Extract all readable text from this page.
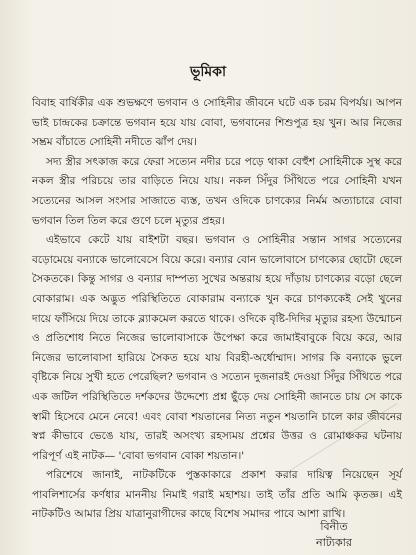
ভূমিকা

বিবাহ বার্ষিকীর এক শুভক্ষণে ভগবান ও সোহিনীর জীবনে ঘটে এক চরম বিপর্যয়। আপন ভাই চান্দ্রকের চক্রান্তে ভগবান হয়ে যায় বোবা, ভগবানের শিশুপুত্র হয় খুন। আর নিজের সম্ভ্রম বাঁচাতে সোহিনী নদীতে ঝাঁপ দেয়।

সদ্য স্ত্রীর সৎকাজ করে ফেরা সত্যেন নদীর চরে পড়ে থাকা বেহুঁশ সোহিনীকে সুস্থ করে নকল স্ত্রীর পরিচয়ে তার বাড়িতে নিয়ে যায়। নকল সিঁদুর সিঁথিতে পরে সোহিনী যখন সত্যেনের আসল সংসার সাজাতে ব্যস্ত, তখন ওদিকে চাণক্যের নির্মম অত্যাচারে বোবা ভগবান তিল তিল করে গুণে চলে মৃত্যুর প্রহর।

এইভাবে কেটে যায় বাইশটা বছর। ভগবান ও সোহিনীর সন্তান সাগর সত্যেনের বড়োমেয়ে বন্যাকে ভালোবেসে বিয়ে করে। বন্যার বোন ভালোবাসে চাণক্যের ছোটো ছেলে সৈকতকে। কিন্তু সাগর ও বন্যার দাম্পত্য সুখের অন্তরায় হয়ে দাঁড়ায় চাণক্যের বড়ো ছেলে বোকারাম। এক অদ্ভুত পরিস্থিতিতে বোকারাম বন্যাকে খুন করে চাণক্যকেই সেই খুনের দায়ে ফাঁসিয়ে দিয়ে তাকে ব্ল্যাকমেল করতে থাকে। ওদিকে বৃষ্টি-দিদির মৃত্যুর রহস্য উন্মোচন ও প্রতিশোধ নিতে নিজের ভালোবাসাকে উপেক্ষা করে জামাইবাবুকে বিয়ে করে, আর নিজের ভালোবাসা হারিয়ে সৈকত হয়ে যায় বিরহী-অর্ধোম্মাদ। সাগর কি বন্যাকে ভুলে বৃষ্টিকে নিয়ে সুখী হতে পেরেছিল? ভগবান ও সত্যেন দুজনারই দেওয়া সিঁদুর সিঁথিতে পরে এক জটিল পরিস্থিতিতে দর্শকদের উদ্দেশ্যে প্রশ্ন ছুঁড়ে দেয় সোহিনী জানতে চায় সে কাকে স্বামী হিসেবে মেনে নেবে! এবং বোবা শয়তানের নিত্য নতুন শয়তানি চালে কার জীবনের স্বপ্ন কীভাবে ভেঙে যায়, তারই অসংখ্য রহস্যময় প্রশ্নের উত্তর ও রোমাঞ্চকর ঘটনায় পরিপূর্ণ এই নাটক— 'বোবা ভগবান বোকা শয়তান।'

পরিশেষে জানাই, নাটকটিকে পুস্তকাকারে প্রকাশ করার দায়িত্ব নিয়েছেন সূর্য পাবলিশার্সের কর্ণধার মাননীয় নিমাই গরাই মহাশয়। তাই তাঁর প্রতি আমি কৃতজ্ঞ। এই নাটকটিও আমার প্রিয় যাত্রানুরাগীদের কাছে বিশেষ সমাদর পাবে আশা রাখি।

বিনীত
নাট্যকার
